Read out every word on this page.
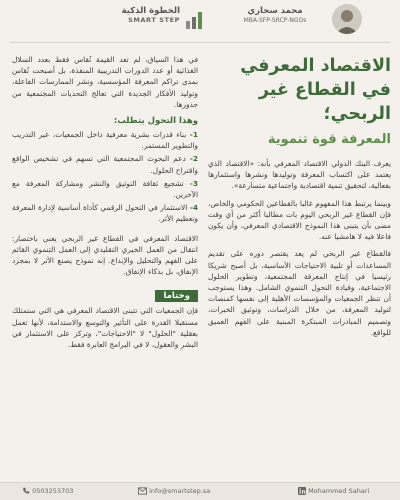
الخطوة الذكية
SMART STEP
محمد سحاري
MBA-SFP-SRCP-NGOs
الاقتصاد المعرفي في القطاع غير الربحي؛
المعرفة قوة تنموية

يعرف البنك الدولي الاقتصاد المعرفي بأنه: «الاقتصاد الذي يعتمد على اكتساب المعرفة وتوليدها ونشرها واستثمارها بفعالية، لتحقيق تنمية اقتصادية واجتماعية متسارعة».

وبينما يرتبط هذا المفهوم غالبا بالقطاعين الحكومي والخاص، فإن القطاع غير الربحي اليوم بات مطالبا أكثر من أي وقت مضى بأن يتبنى هذا النموذج الاقتصادي المعرفي، وأن يكون فاعلا فيه لا هامشيا عنه.

فالقطاع غير الربحي لم يعد يقتصر دوره على تقديم المساعدات أو تلبية الاحتياجات الأساسية، بل أصبح شريكا رئيسيا في إنتاج المعرفة المجتمعية، وتطوير الحلول الاجتماعية، وقيادة التحول التنموي الشامل. وهذا يستوجب أن تنظر الجمعيات والمؤسسات الأهلية إلى نفسها كمنصات لتوليد المعرفة، من خلال الدراسات، وتوثيق الخبرات، وتصميم المبادرات المبتكرة المبنية على الفهم العميق للواقع.

في هذا السياق، لم تعد القيمة تُقاس فقط بعدد السلال الغذائية أو عدد الدورات التدريبية المنفذة، بل أصبحت تُقاس بمدى تراكم المعرفة المؤسسية، ونشر الممارسات الفاعلة، وتوليد الأفكار الجديدة التي تعالج التحديات المجتمعية من جذورها.

وهذا التحول يتطلب:
1- بناء قدرات بشرية معرفية داخل الجمعيات، عبر التدريب والتطوير المستمر.
2- دعم البحوث المجتمعية التي تسهم في تشخيص الواقع واقتراح الحلول.
3- تشجيع ثقافة التوثيق والنشر ومشاركة المعرفة مع الآخرين.
4- الاستثمار في التحول الرقمي كأداة أساسية لإدارة المعرفة وتعظيم الأثر.

الاقتصاد المعرفي في القطاع غير الربحي يعني باختصار: انتقال من العمل الخيري التقليدي إلى العمل التنموي القائم على الفهم والتحليل والإبداع. إنه نموذج يصنع الأثر لا بمجرد الإنفاق، بل بذكاء الإنفاق.

وختاما

فإن الجمعيات التي تتبنى الاقتصاد المعرفي هي التي ستمتلك مستقبلا القدرة على التأثير والتوسع والاستدامة، لأنها تعمل بعقلية "الحلول" لا "الاحتياجات"، وتركز على الاستثمار في البشر والعقول، لا في البرامج العابرة فقط.

0503253703	info@smartstep.sa	Mohammed Sahari
